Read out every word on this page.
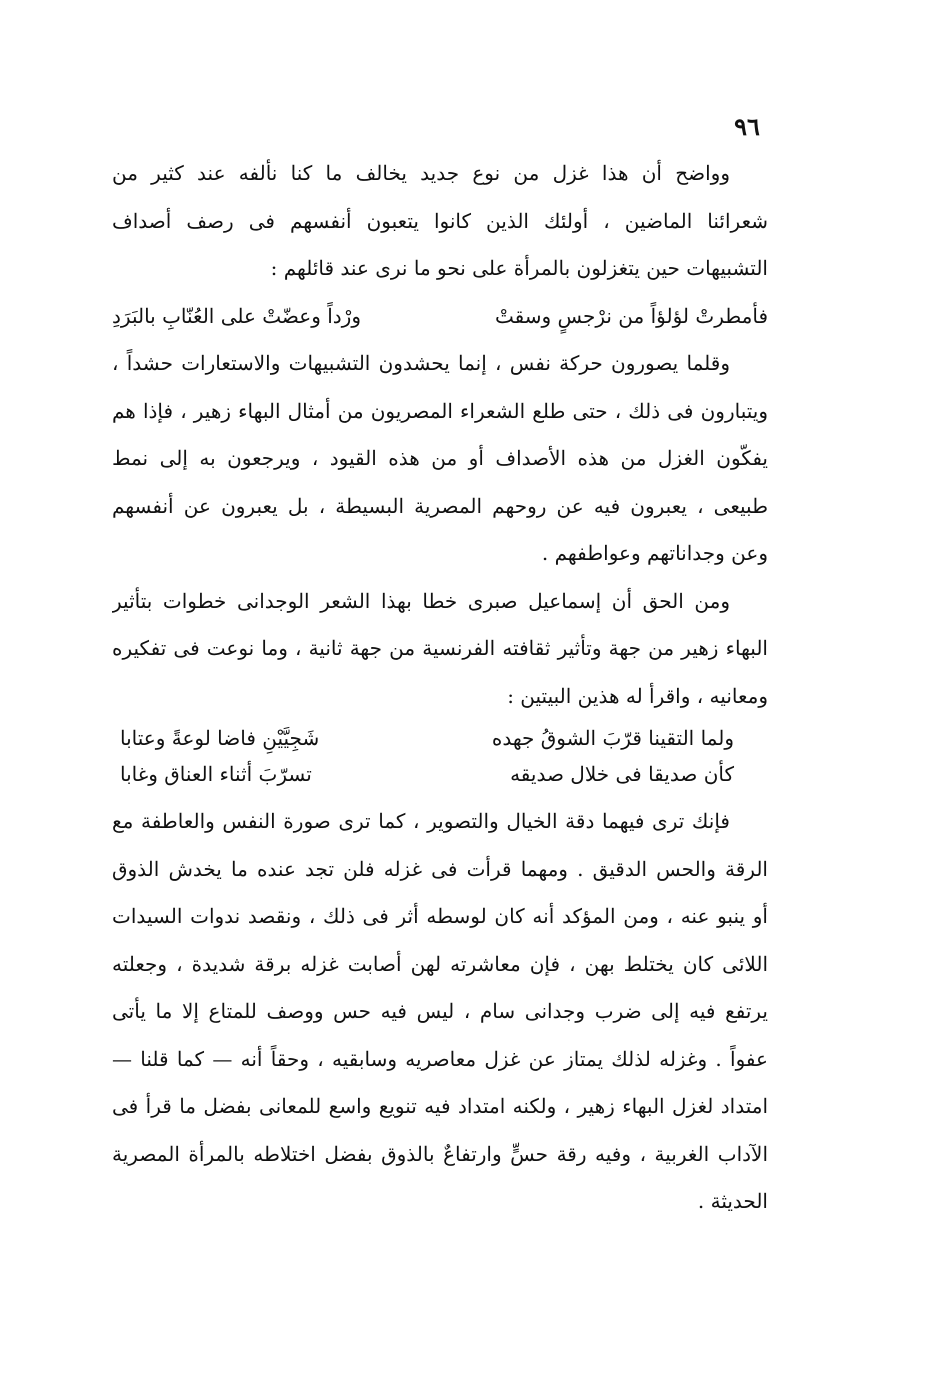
٩٦
وواضح أن هذا غزل من نوع جديد يخالف ما كنا نألفه عند كثير من
شعرائنا الماضين ، أولئك الذين كانوا يتعبون أنفسهم فى رصف أصداف
التشبيهات حين يتغزلون بالمرأة على نحو ما نرى عند قائلهم :
فأمطرتْ لؤلؤاً من نرْجسٍ وسقتْ
ورْداً وعضّتْ على العُنّابِ بالبَرَدِ
وقلما يصورون حركة نفس ، إنما يحشدون التشبيهات والاستعارات حشداً ،
ويتبارون فى ذلك ، حتى طلع الشعراء المصريون من أمثال البهاء زهير ، فإذا هم
يفكّون الغزل من هذه الأصداف أو من هذه القيود ، ويرجعون به إلى نمط
طبيعى ، يعبرون فيه عن روحهم المصرية البسيطة ، بل يعبرون عن أنفسهم
وعن وجداناتهم وعواطفهم .
ومن الحق أن إسماعيل صبرى خطا بهذا الشعر الوجدانى خطوات بتأثير
البهاء زهير من جهة وتأثير ثقافته الفرنسية من جهة ثانية ، وما نوعت فى تفكيره
ومعانيه ، واقرأ له هذين البيتين :
ولما التقينا قرّبَ الشوقُ جهده
شَجِيَّيْنِ فاضا لوعةً وعتابا
كأن صديقا فى خلال صديقه
تسرّبَ أثناء العناق وغابا
فإنك ترى فيهما دقة الخيال والتصوير ، كما ترى صورة النفس والعاطفة مع
الرقة والحس الدقيق . ومهما قرأت فى غزله فلن تجد عنده ما يخدش الذوق
أو ينبو عنه ، ومن المؤكد أنه كان لوسطه أثر فى ذلك ، ونقصد ندوات السيدات
اللائى كان يختلط بهن ، فإن معاشرته لهن أصابت غزله برقة شديدة ، وجعلته
يرتفع فيه إلى ضرب وجدانى سام ، ليس فيه حس ووصف للمتاع إلا ما يأتى
عفواً . وغزله لذلك يمتاز عن غزل معاصريه وسابقيه ، وحقاً أنه — كما قلنا —
امتداد لغزل البهاء زهير ، ولكنه امتداد فيه تنويع واسع للمعانى بفضل ما قرأ فى
الآداب الغربية ، وفيه رقة حسٍّ وارتفاعٌ بالذوق بفضل اختلاطه بالمرأة المصرية
الحديثة .
